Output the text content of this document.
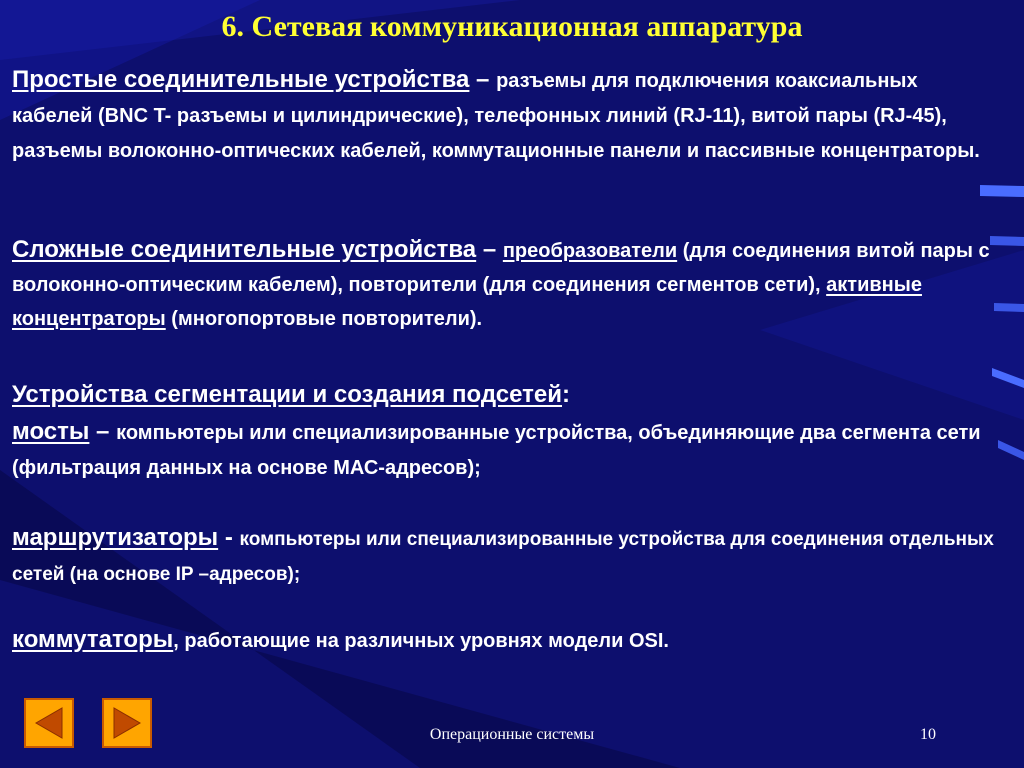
6. Сетевая коммуникационная аппаратура
Простые соединительные устройства – разъемы для подключения коаксиальных кабелей (BNC T- разъемы и цилиндрические), телефонных линий (RJ-11), витой пары (RJ-45), разъемы волоконно-оптических кабелей, коммутационные панели и пассивные концентраторы.
Сложные соединительные устройства – преобразователи (для соединения витой пары с волоконно-оптическим кабелем), повторители (для соединения сегментов сети), активные концентраторы (многопортовые повторители).
Устройства сегментации и создания подсетей:
мосты – компьютеры или специализированные устройства, объединяющие два сегмента сети (фильтрация данных на основе МАС-адресов);
маршрутизаторы - компьютеры или специализированные устройства для соединения отдельных сетей (на основе IP –адресов);
коммутаторы, работающие на различных уровнях модели OSI.
Операционные системы	10
